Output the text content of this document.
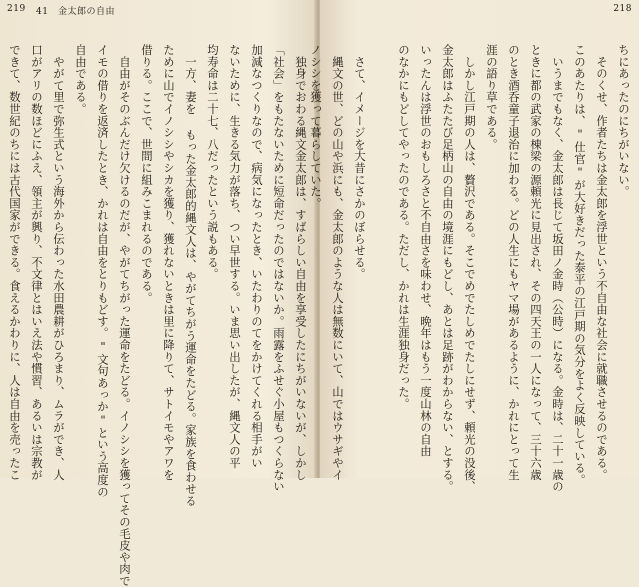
219 41　金太郎の自由
　独身でおわる縄文金太郎は、すばらしい自由を享受したにちがいないが、しかし
「社会」をもたないために短命だったのではないか。雨露をふせぐ小屋もつくらない
加減なつくりなので、病気になったとき、いたわりのてをかけてくれる相手がい
ないために、生きる気力が落ち、つい早世する。いま思い出したが、縄文人の平
均寿命は二十七、八だったという説もある。
　一方、妻を もった金太郎的縄文人は、やがてちがう運命をたどる。家族を食わせる
ために山でイノシシやシカを獲り、獲れないときは里に降りて、サトイモやアワを
借りる。ここで、世間に組みこまれるのである。
　自由がそのぶんだけ欠けるのだが、やがてちがった運命をたどる。イノシシを獲ってその毛皮や肉で
イモの借りを返済したとき、かれは自由をとりもどす。"文句あっか"という高度の
自由である。
　やがて里で弥生式という海外から伝わった水田農耕がひろまり、ムラができ、人
口がアリの数ほどにふえ、領主が興り、不文律とはいえ法や慣習、あるいは宗教が
できて、数世紀のちには古代国家ができる。食えるかわりに、人は自由を売ったこ
218
ちにあったのにちがいない。
　そのくせ、作者たちは金太郎を浮世という不自由な社会に就職させるのである。
このあたりは、"仕官"が大好きだった泰平の江戸期の気分をよく反映している。
　いうまでもなく、金太郎は長じて坂田ノ金時（公時）になる。金時は、二十一歳の
ときに都の武家の棟梁の源頼光に見出され、その四天王の一人になって、三十六歳
のとき酒呑童子退治に加わる。どの人生にもヤマ場があるように、かれにとって生
涯の語り草である。
　しかし江戸期の人は、贅沢である。そこでめでたしめでたしにせず、頼光の没後、
金太郎はふたたび足柄山の自由の境涯にもどし、あとは足跡がわからない、とする。
いったんは浮世のおもしろさと不自由さを味わせ、晩年はもう一度山林の自由
のなかにもどしてやったのである。ただし、かれは生涯独身だった。

　さて、イメージを大昔にさかのぼらせる。
　縄文の世、どの山や浜にも、金太郎のような人は無数にいて、山ではウサギやイ
ノシシを獲って暮らしていた。
